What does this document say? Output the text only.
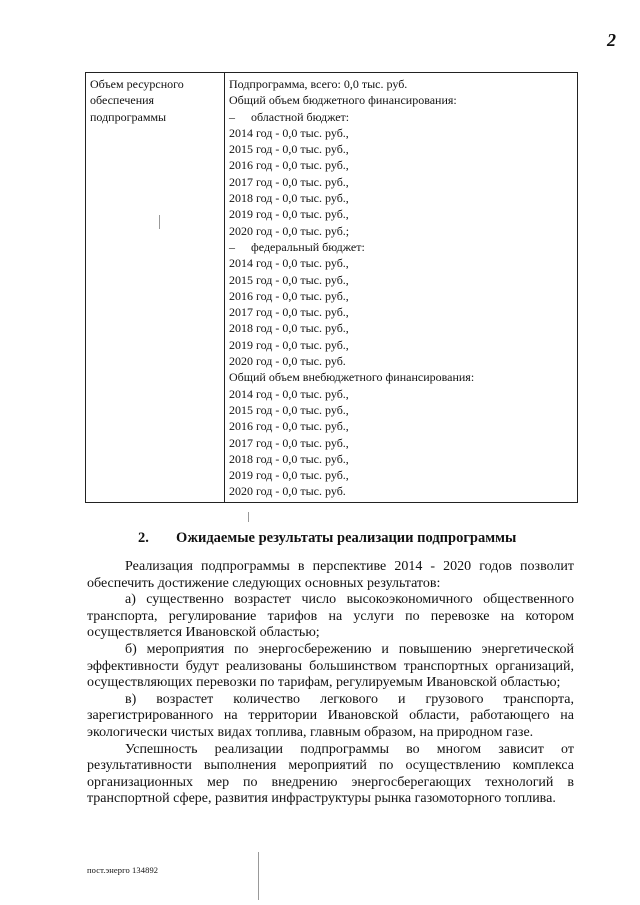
2
Объем ресурсного
обеспечения
подпрограммы

Подпрограмма, всего: 0,0 тыс. руб.
Общий объем бюджетного финансирования:
– областной бюджет:
2014 год - 0,0 тыс. руб.,
2015 год - 0,0 тыс. руб.,
2016 год - 0,0 тыс. руб.,
2017 год - 0,0 тыс. руб.,
2018 год - 0,0 тыс. руб.,
2019 год - 0,0 тыс. руб.,
2020 год - 0,0 тыс. руб.;
– федеральный бюджет:
2014 год - 0,0 тыс. руб.,
2015 год - 0,0 тыс. руб.,
2016 год - 0,0 тыс. руб.,
2017 год - 0,0 тыс. руб.,
2018 год - 0,0 тыс. руб.,
2019 год - 0,0 тыс. руб.,
2020 год - 0,0 тыс. руб.
Общий объем внебюджетного финансирования:
2014 год - 0,0 тыс. руб.,
2015 год - 0,0 тыс. руб.,
2016 год - 0,0 тыс. руб.,
2017 год - 0,0 тыс. руб.,
2018 год - 0,0 тыс. руб.,
2019 год - 0,0 тыс. руб.,
2020 год - 0,0 тыс. руб.
2. Ожидаемые результаты реализации подпрограммы

Реализация подпрограммы в перспективе 2014 - 2020 годов позволит обеспечить достижение следующих основных результатов:

а) существенно возрастет число высокоэкономичного общественного транспорта, регулирование тарифов на услуги по перевозке на котором осуществляется Ивановской областью;

б) мероприятия по энергосбережению и повышению энергетической эффективности будут реализованы большинством транспортных организаций, осуществляющих перевозки по тарифам, регулируемым Ивановской областью;

в) возрастет количество легкового и грузового транспорта, зарегистрированного на территории Ивановской области, работающего на экологически чистых видах топлива, главным образом, на природном газе.

Успешность реализации подпрограммы во многом зависит от результативности выполнения мероприятий по осуществлению комплекса организационных мер по внедрению энергосберегающих технологий в транспортной сфере, развития инфраструктуры рынка газомоторного топлива.

пост.энерго 134892
